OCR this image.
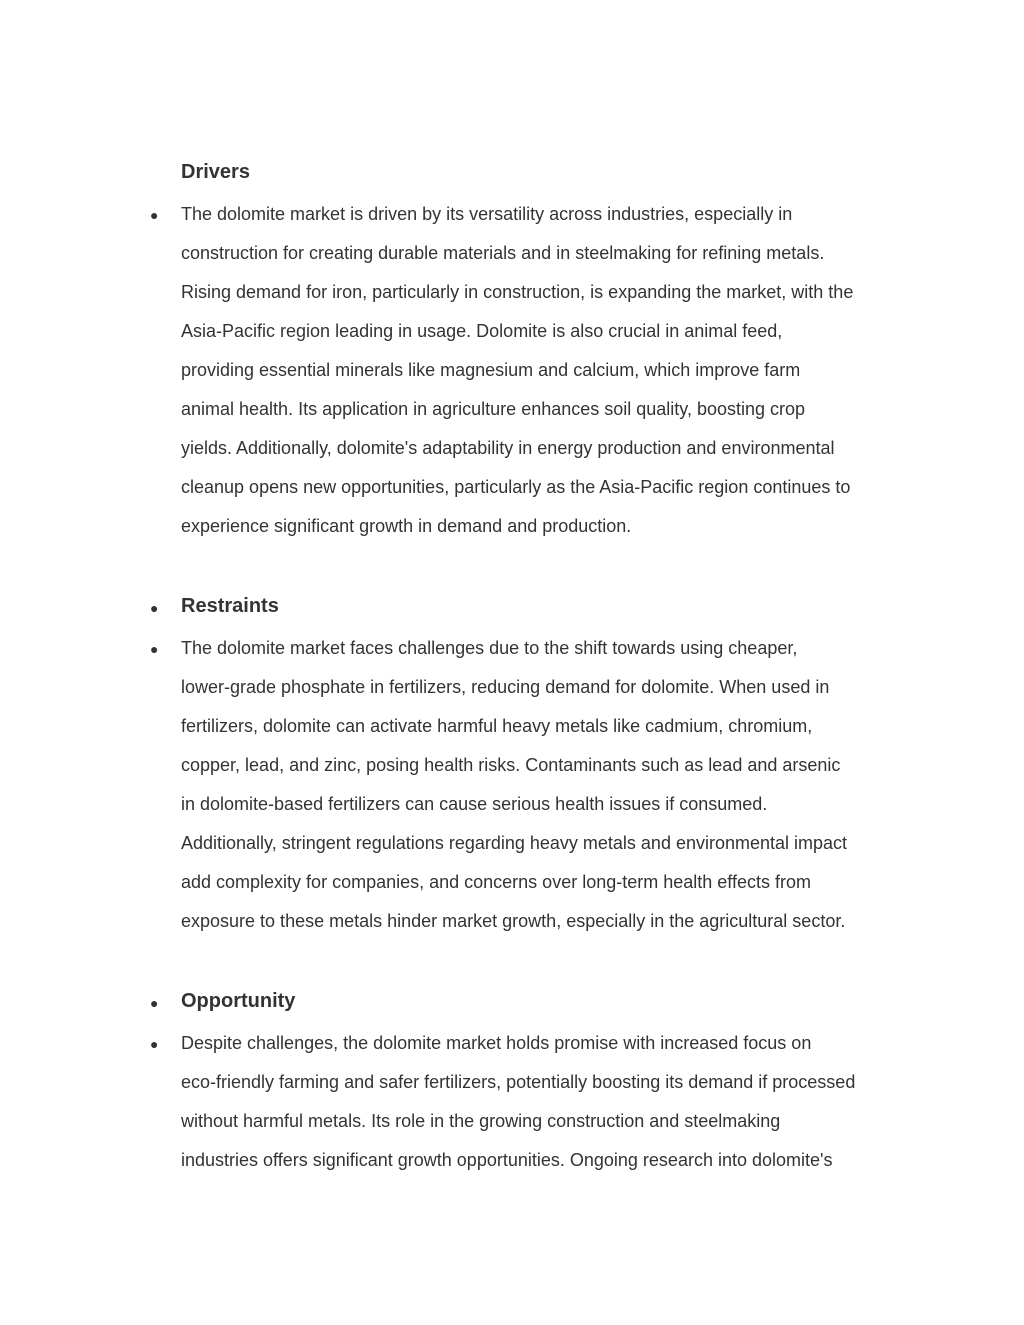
Drivers
● The dolomite market is driven by its versatility across industries, especially in
construction for creating durable materials and in steelmaking for refining metals.
Rising demand for iron, particularly in construction, is expanding the market, with the
Asia-Pacific region leading in usage. Dolomite is also crucial in animal feed,
providing essential minerals like magnesium and calcium, which improve farm
animal health. Its application in agriculture enhances soil quality, boosting crop
yields. Additionally, dolomite's adaptability in energy production and environmental
cleanup opens new opportunities, particularly as the Asia-Pacific region continues to
experience significant growth in demand and production.

● Restraints
● The dolomite market faces challenges due to the shift towards using cheaper,
lower-grade phosphate in fertilizers, reducing demand for dolomite. When used in
fertilizers, dolomite can activate harmful heavy metals like cadmium, chromium,
copper, lead, and zinc, posing health risks. Contaminants such as lead and arsenic
in dolomite-based fertilizers can cause serious health issues if consumed.
Additionally, stringent regulations regarding heavy metals and environmental impact
add complexity for companies, and concerns over long-term health effects from
exposure to these metals hinder market growth, especially in the agricultural sector.

● Opportunity
● Despite challenges, the dolomite market holds promise with increased focus on
eco-friendly farming and safer fertilizers, potentially boosting its demand if processed
without harmful metals. Its role in the growing construction and steelmaking
industries offers significant growth opportunities. Ongoing research into dolomite's
